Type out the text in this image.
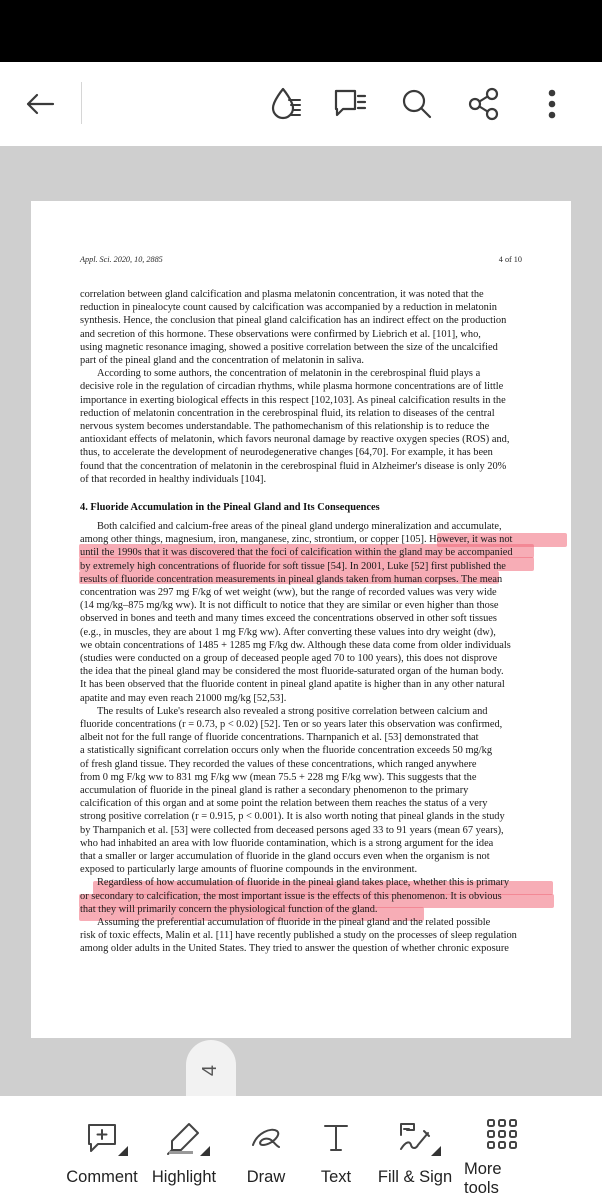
Appl. Sci. 2020, 10, 2885	4 of 10
4. Fluoride Accumulation in the Pineal Gland and Its Consequences
correlation between gland calcification and plasma melatonin concentration, it was noted that the
reduction in pinealocyte count caused by calcification was accompanied by a reduction in melatonin
synthesis. Hence, the conclusion that pineal gland calcification has an indirect effect on the production
and secretion of this hormone. These observations were confirmed by Liebrich et al. [101], who,
using magnetic resonance imaging, showed a positive correlation between the size of the uncalcified
part of the pineal gland and the concentration of melatonin in saliva.
According to some authors, the concentration of melatonin in the cerebrospinal fluid plays a
decisive role in the regulation of circadian rhythms, while plasma hormone concentrations are of little
importance in exerting biological effects in this respect [102,103]. As pineal calcification results in the
reduction of melatonin concentration in the cerebrospinal fluid, its relation to diseases of the central
nervous system becomes understandable. The pathomechanism of this relationship is to reduce the
antioxidant effects of melatonin, which favors neuronal damage by reactive oxygen species (ROS) and,
thus, to accelerate the development of neurodegenerative changes [64,70]. For example, it has been
found that the concentration of melatonin in the cerebrospinal fluid in Alzheimer's disease is only 20%
of that recorded in healthy individuals [104].
Both calcified and calcium-free areas of the pineal gland undergo mineralization and accumulate,
among other things, magnesium, iron, manganese, zinc, strontium, or copper [105]. However, it was not
until the 1990s that it was discovered that the foci of calcification within the gland may be accompanied
by extremely high concentrations of fluoride for soft tissue [54]. In 2001, Luke [52] first published the
results of fluoride concentration measurements in pineal glands taken from human corpses. The mean
concentration was 297 mg F/kg of wet weight (ww), but the range of recorded values was very wide
(14 mg/kg–875 mg/kg ww). It is not difficult to notice that they are similar or even higher than those
observed in bones and teeth and many times exceed the concentrations observed in other soft tissues
(e.g., in muscles, they are about 1 mg F/kg ww). After converting these values into dry weight (dw),
we obtain concentrations of 1485 + 1285 mg F/kg dw. Although these data come from older individuals
(studies were conducted on a group of deceased people aged 70 to 100 years), this does not disprove
the idea that the pineal gland may be considered the most fluoride-saturated organ of the human body.
It has been observed that the fluoride content in pineal gland apatite is higher than in any other natural
apatite and may even reach 21000 mg/kg [52,53].
The results of Luke's research also revealed a strong positive correlation between calcium and
fluoride concentrations (r = 0.73, p < 0.02) [52]. Ten or so years later this observation was confirmed,
albeit not for the full range of fluoride concentrations. Tharnpanich et al. [53] demonstrated that
a statistically significant correlation occurs only when the fluoride concentration exceeds 50 mg/kg
of fresh gland tissue. They recorded the values of these concentrations, which ranged anywhere
from 0 mg F/kg ww to 831 mg F/kg ww (mean 75.5 + 228 mg F/kg ww). This suggests that the
accumulation of fluoride in the pineal gland is rather a secondary phenomenon to the primary
calcification of this organ and at some point the relation between them reaches the status of a very
strong positive correlation (r = 0.915, p < 0.001). It is also worth noting that pineal glands in the study
by Tharnpanich et al. [53] were collected from deceased persons aged 33 to 91 years (mean 67 years),
who had inhabited an area with low fluoride contamination, which is a strong argument for the idea
that a smaller or larger accumulation of fluoride in the gland occurs even when the organism is not
exposed to particularly large amounts of fluorine compounds in the environment.
Regardless of how accumulation of fluoride in the pineal gland takes place, whether this is primary
or secondary to calcification, the most important issue is the effects of this phenomenon. It is obvious
that they will primarily concern the physiological function of the gland.
Assuming the preferential accumulation of fluoride in the pineal gland and the related possible
risk of toxic effects, Malin et al. [11] have recently published a study on the processes of sleep regulation
among older adults in the United States. They tried to answer the question of whether chronic exposure
4
Comment Highlight Draw Text Fill & Sign More tools
